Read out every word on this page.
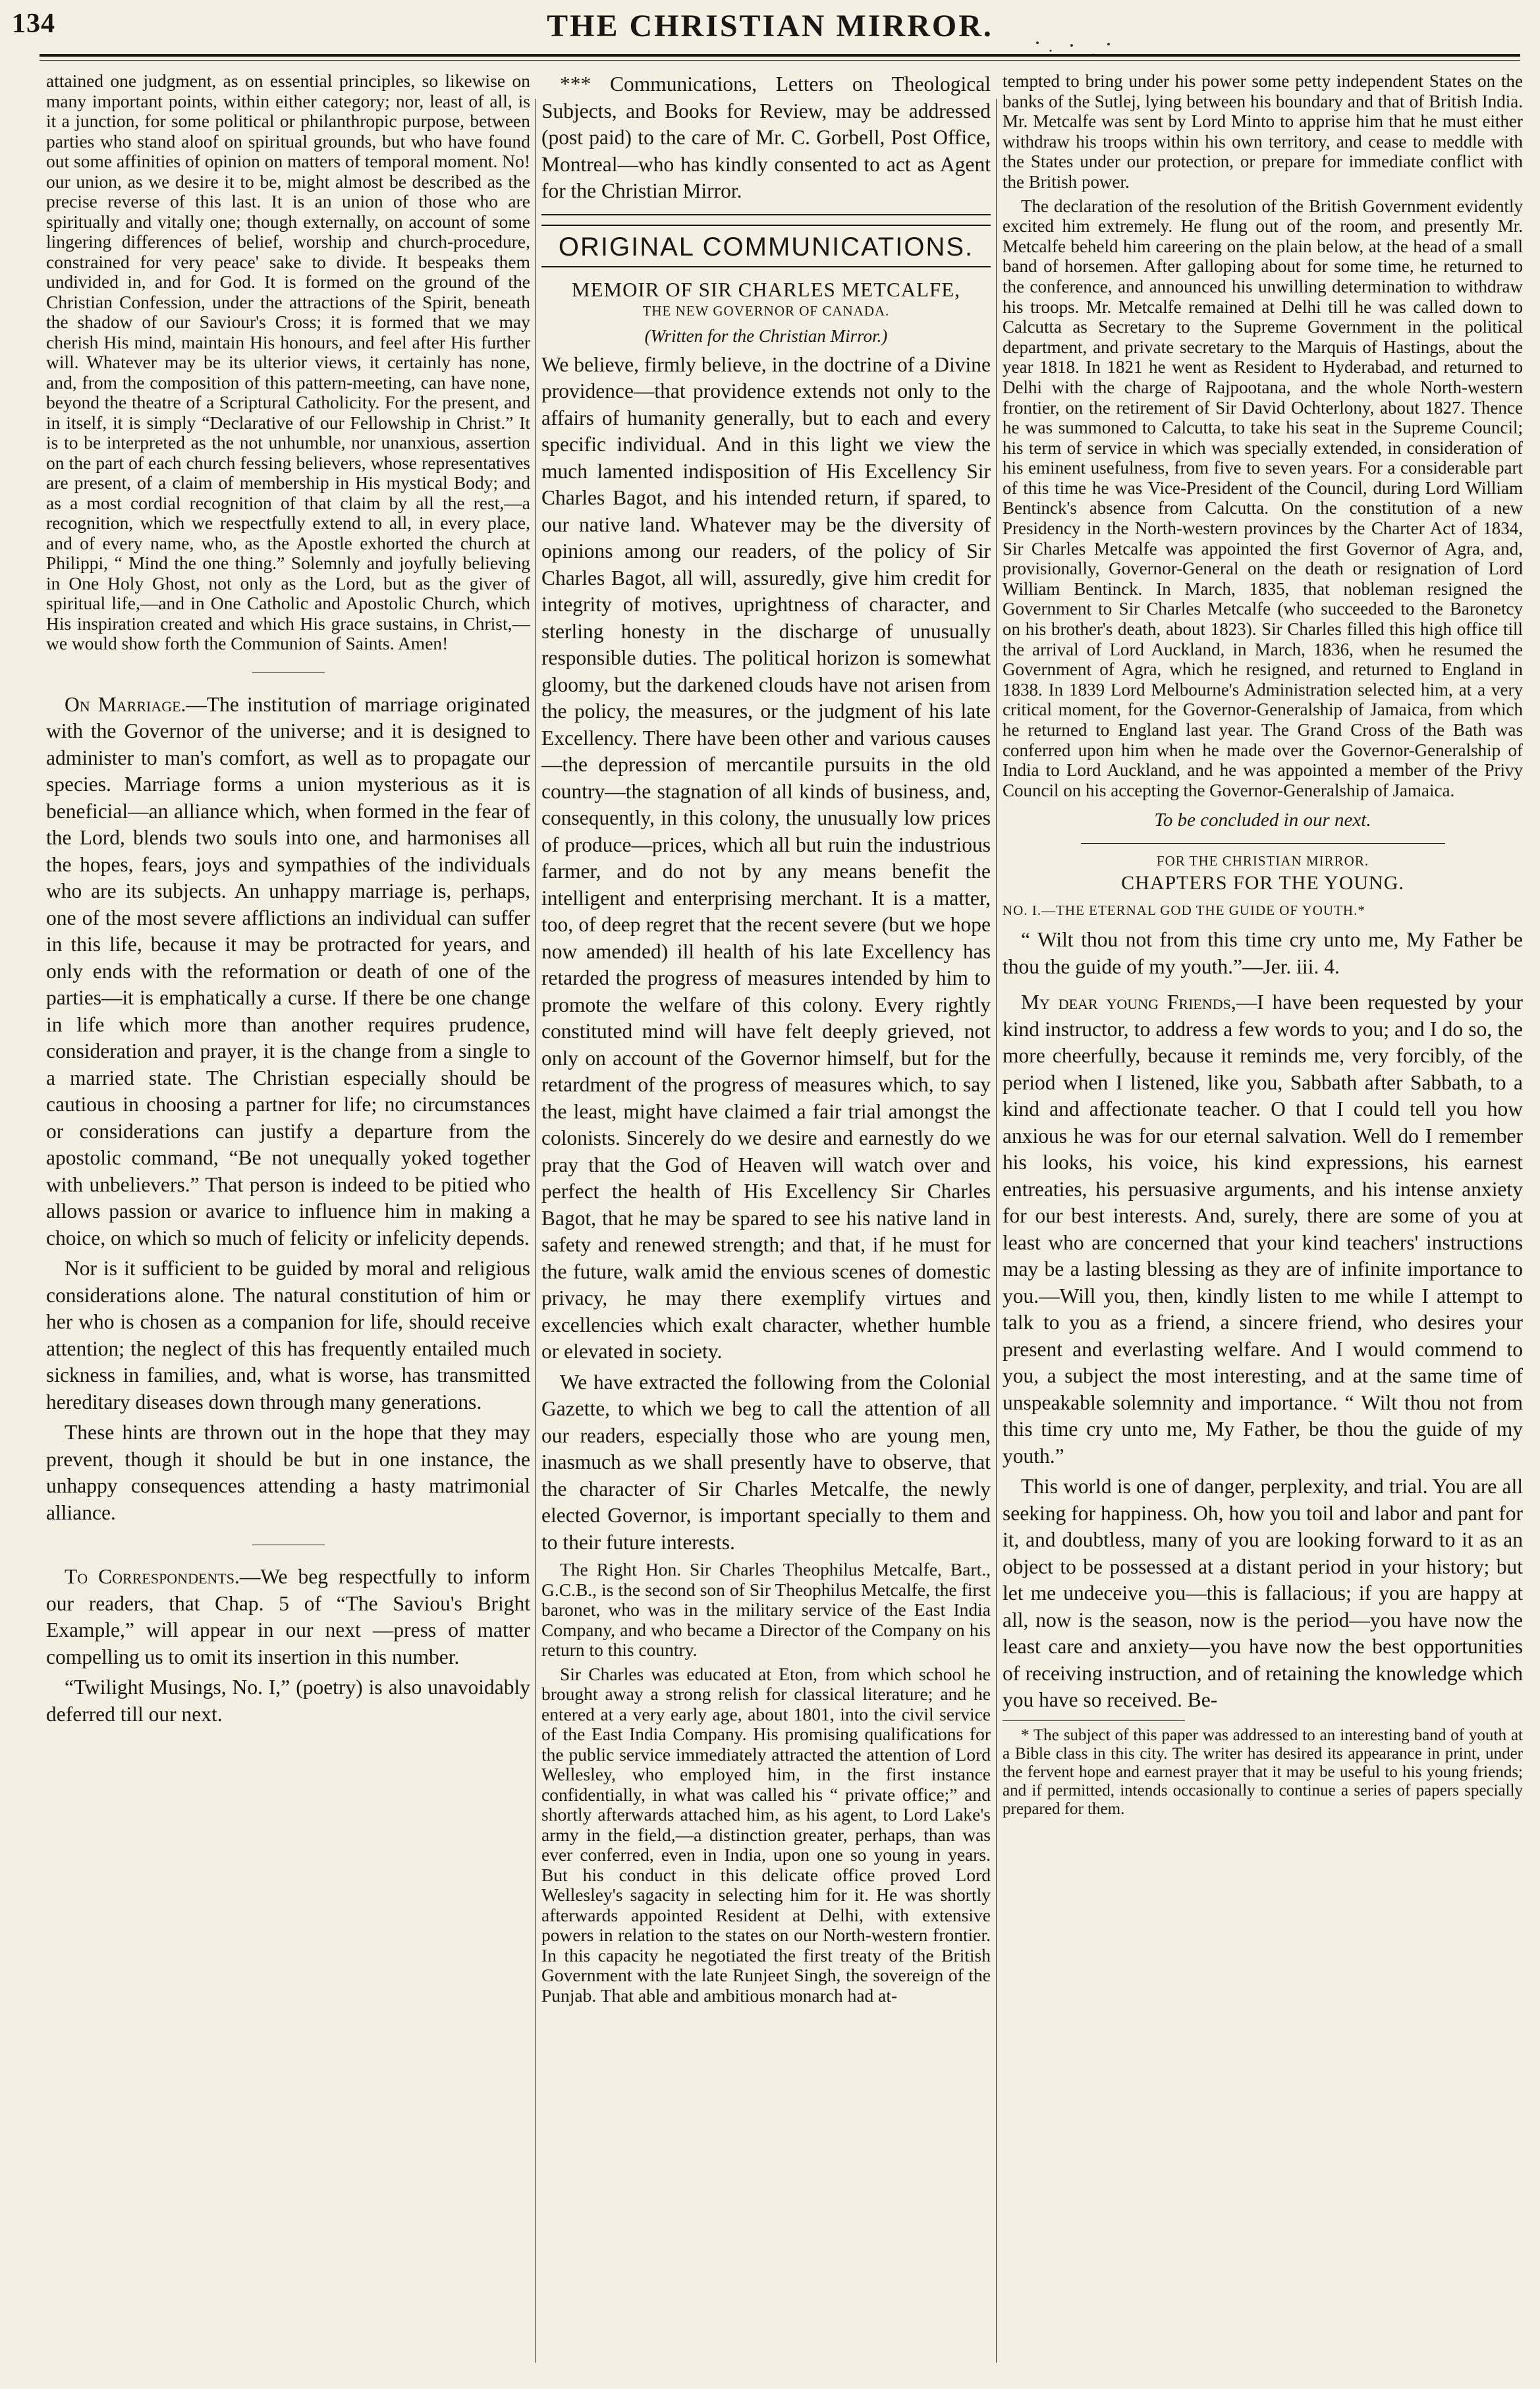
134	THE CHRISTIAN MIRROR.

attained one judgment, as on essential principles, so likewise on many important points, within either category; nor, least of all, is it a junction, for some political or philanthropic purpose, between parties who stand aloof on spiritual grounds, but who have found out some affinities of opinion on matters of temporal moment. No! our union, as we desire it to be, might almost be described as the precise reverse of this last. It is an union of those who are spiritually and vitally one; though externally, on account of some lingering differences of belief, worship and church-procedure, constrained for very peace' sake to divide. It bespeaks them undivided in, and for God. It is formed on the ground of the Christian Confession, under the attractions of the Spirit, beneath the shadow of our Saviour's Cross; it is formed that we may cherish His mind, maintain His honours, and feel after His further will. Whatever may be its ulterior views, it certainly has none, and, from the composition of this pattern-meeting, can have none, beyond the theatre of a Scriptural Catholicity. For the present, and in itself, it is simply “Declarative of our Fellowship in Christ.” It is to be interpreted as the not unhumble, nor unanxious, assertion on the part of each church fessing believers, whose representatives are present, of a claim of membership in His mystical Body; and as a most cordial recognition of that claim by all the rest,—a recognition, which we respectfully extend to all, in every place, and of every name, who, as the Apostle exhorted the church at Philippi, “ Mind the one thing.” Solemnly and joyfully believing in One Holy Ghost, not only as the Lord, but as the giver of spiritual life,—and in One Catholic and Apostolic Church, which His inspiration created and which His grace sustains, in Christ,—we would show forth the Communion of Saints. Amen!

On Marriage.—The institution of marriage originated with the Governor of the universe; and it is designed to administer to man's comfort, as well as to propagate our species. Marriage forms a union mysterious as it is beneficial—an alliance which, when formed in the fear of the Lord, blends two souls into one, and harmonises all the hopes, fears, joys and sympathies of the individuals who are its subjects. An unhappy marriage is, perhaps, one of the most severe afflictions an individual can suffer in this life, because it may be protracted for years, and only ends with the reformation or death of one of the parties—it is emphatically a curse. If there be one change in life which more than another requires prudence, consideration and prayer, it is the change from a single to a married state. The Christian especially should be cautious in choosing a partner for life; no circumstances or considerations can justify a departure from the apostolic command, “Be not unequally yoked together with unbelievers.” That person is indeed to be pitied who allows passion or avarice to influence him in making a choice, on which so much of felicity or infelicity depends.

Nor is it sufficient to be guided by moral and religious considerations alone. The natural constitution of him or her who is chosen as a companion for life, should receive attention; the neglect of this has frequently entailed much sickness in families, and, what is worse, has transmitted hereditary diseases down through many generations.

These hints are thrown out in the hope that they may prevent, though it should be but in one instance, the unhappy consequences attending a hasty matrimonial alliance.

To Correspondents.—We beg respectfully to inform our readers, that Chap. 5 of “The Saviou's Bright Example,” will appear in our next —press of matter compelling us to omit its insertion in this number.

“Twilight Musings, No. I,” (poetry) is also unavoidably deferred till our next.

*** Communications, Letters on Theological Subjects, and Books for Review, may be addressed (post paid) to the care of Mr. C. Gorbell, Post Office, Montreal—who has kindly consented to act as Agent for the Christian Mirror.

ORIGINAL COMMUNICATIONS.

MEMOIR OF SIR CHARLES METCALFE,

THE NEW GOVERNOR OF CANADA.

(Written for the Christian Mirror.)

We believe, firmly believe, in the doctrine of a Divine providence—that providence extends not only to the affairs of humanity generally, but to each and every specific individual. And in this light we view the much lamented indisposition of His Excellency Sir Charles Bagot, and his intended return, if spared, to our native land. Whatever may be the diversity of opinions among our readers, of the policy of Sir Charles Bagot, all will, assuredly, give him credit for integrity of motives, uprightness of character, and sterling honesty in the discharge of unusually responsible duties. The political horizon is somewhat gloomy, but the darkened clouds have not arisen from the policy, the measures, or the judgment of his late Excellency. There have been other and various causes—the depression of mercantile pursuits in the old country—the stagnation of all kinds of business, and, consequently, in this colony, the unusually low prices of produce—prices, which all but ruin the industrious farmer, and do not by any means benefit the intelligent and enterprising merchant. It is a matter, too, of deep regret that the recent severe (but we hope now amended) ill health of his late Excellency has retarded the progress of measures intended by him to promote the welfare of this colony. Every rightly constituted mind will have felt deeply grieved, not only on account of the Governor himself, but for the retardment of the progress of measures which, to say the least, might have claimed a fair trial amongst the colonists. Sincerely do we desire and earnestly do we pray that the God of Heaven will watch over and perfect the health of His Excellency Sir Charles Bagot, that he may be spared to see his native land in safety and renewed strength; and that, if he must for the future, walk amid the envious scenes of domestic privacy, he may there exemplify virtues and excellencies which exalt character, whether humble or elevated in society.

We have extracted the following from the Colonial Gazette, to which we beg to call the attention of all our readers, especially those who are young men, inasmuch as we shall presently have to observe, that the character of Sir Charles Metcalfe, the newly elected Governor, is important specially to them and to their future interests.

The Right Hon. Sir Charles Theophilus Metcalfe, Bart., G.C.B., is the second son of Sir Theophilus Metcalfe, the first baronet, who was in the military service of the East India Company, and who became a Director of the Company on his return to this country.

Sir Charles was educated at Eton, from which school he brought away a strong relish for classical literature; and he entered at a very early age, about 1801, into the civil service of the East India Company. His promising qualifications for the public service immediately attracted the attention of Lord Wellesley, who employed him, in the first instance confidentially, in what was called his “ private office;” and shortly afterwards attached him, as his agent, to Lord Lake's army in the field,—a distinction greater, perhaps, than was ever conferred, even in India, upon one so young in years. But his conduct in this delicate office proved Lord Wellesley's sagacity in selecting him for it. He was shortly afterwards appointed Resident at Delhi, with extensive powers in relation to the states on our North-western frontier. In this capacity he negotiated the first treaty of the British Government with the late Runjeet Singh, the sovereign of the Punjab. That able and ambitious monarch had at-

tempted to bring under his power some petty independent States on the banks of the Sutlej, lying between his boundary and that of British India. Mr. Metcalfe was sent by Lord Minto to apprise him that he must either withdraw his troops within his own territory, and cease to meddle with the States under our protection, or prepare for immediate conflict with the British power.

The declaration of the resolution of the British Government evidently excited him extremely. He flung out of the room, and presently Mr. Metcalfe beheld him careering on the plain below, at the head of a small band of horsemen. After galloping about for some time, he returned to the conference, and announced his unwilling determination to withdraw his troops. Mr. Metcalfe remained at Delhi till he was called down to Calcutta as Secretary to the Supreme Government in the political department, and private secretary to the Marquis of Hastings, about the year 1818. In 1821 he went as Resident to Hyderabad, and returned to Delhi with the charge of Rajpootana, and the whole North-western frontier, on the retirement of Sir David Ochterlony, about 1827. Thence he was summoned to Calcutta, to take his seat in the Supreme Council; his term of service in which was specially extended, in consideration of his eminent usefulness, from five to seven years. For a considerable part of this time he was Vice-President of the Council, during Lord William Bentinck's absence from Calcutta. On the constitution of a new Presidency in the North-western provinces by the Charter Act of 1834, Sir Charles Metcalfe was appointed the first Governor of Agra, and, provisionally, Governor-General on the death or resignation of Lord William Bentinck. In March, 1835, that nobleman resigned the Government to Sir Charles Metcalfe (who succeeded to the Baronetcy on his brother's death, about 1823). Sir Charles filled this high office till the arrival of Lord Auckland, in March, 1836, when he resumed the Government of Agra, which he resigned, and returned to England in 1838. In 1839 Lord Melbourne's Administration selected him, at a very critical moment, for the Governor-Generalship of Jamaica, from which he returned to England last year. The Grand Cross of the Bath was conferred upon him when he made over the Governor-Generalship of India to Lord Auckland, and he was appointed a member of the Privy Council on his accepting the Governor-Generalship of Jamaica.

To be concluded in our next.

FOR THE CHRISTIAN MIRROR.

CHAPTERS FOR THE YOUNG.

NO. I.—THE ETERNAL GOD THE GUIDE OF YOUTH.*

“ Wilt thou not from this time cry unto me, My Father be thou the guide of my youth.”—Jer. iii. 4.

My dear young Friends,—I have been requested by your kind instructor, to address a few words to you; and I do so, the more cheerfully, because it reminds me, very forcibly, of the period when I listened, like you, Sabbath after Sabbath, to a kind and affectionate teacher. O that I could tell you how anxious he was for our eternal salvation. Well do I remember his looks, his voice, his kind expressions, his earnest entreaties, his persuasive arguments, and his intense anxiety for our best interests. And, surely, there are some of you at least who are concerned that your kind teachers' instructions may be a lasting blessing as they are of infinite importance to you.—Will you, then, kindly listen to me while I attempt to talk to you as a friend, a sincere friend, who desires your present and everlasting welfare. And I would commend to you, a subject the most interesting, and at the same time of unspeakable solemnity and importance. “ Wilt thou not from this time cry unto me, My Father, be thou the guide of my youth.”

This world is one of danger, perplexity, and trial. You are all seeking for happiness. Oh, how you toil and labor and pant for it, and doubtless, many of you are looking forward to it as an object to be possessed at a distant period in your history; but let me undeceive you—this is fallacious; if you are happy at all, now is the season, now is the period—you have now the least care and anxiety—you have now the best opportunities of receiving instruction, and of retaining the knowledge which you have so received. Be-

* The subject of this paper was addressed to an interesting band of youth at a Bible class in this city. The writer has desired its appearance in print, under the fervent hope and earnest prayer that it may be useful to his young friends; and if permitted, intends occasionally to continue a series of papers specially prepared for them.
